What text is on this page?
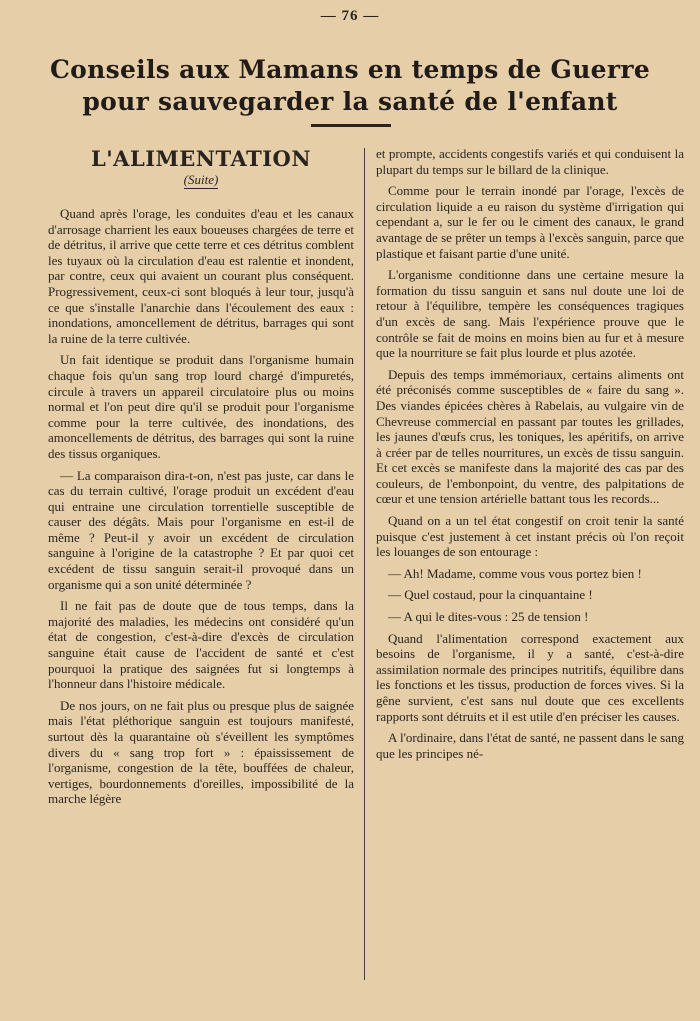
— 76 —
Conseils aux Mamans en temps de Guerre
pour sauvegarder la santé de l'enfant
L'ALIMENTATION
(Suite)

Quand après l'orage, les conduites d'eau et les canaux d'arrosage charrient les eaux boueuses chargées de terre et de détritus, il arrive que cette terre et ces détritus comblent les tuyaux où la circulation d'eau est ralentie et inondent, par contre, ceux qui avaient un courant plus conséquent. Progressivement, ceux-ci sont bloqués à leur tour, jusqu'à ce que s'installe l'anarchie dans l'écoulement des eaux : inondations, amoncellement de détritus, barrages qui sont la ruine de la terre cultivée.

Un fait identique se produit dans l'organisme humain chaque fois qu'un sang trop lourd chargé d'impuretés, circule à travers un appareil circulatoire plus ou moins normal et l'on peut dire qu'il se produit pour l'organisme comme pour la terre cultivée, des inondations, des amoncellements de détritus, des barrages qui sont la ruine des tissus organiques.

— La comparaison dira-t-on, n'est pas juste, car dans le cas du terrain cultivé, l'orage produit un excédent d'eau qui entraine une circulation torrentielle susceptible de causer des dégâts. Mais pour l'organisme en est-il de même ? Peut-il y avoir un excédent de circulation sanguine à l'origine de la catastrophe ? Et par quoi cet excédent de tissu sanguin serait-il provoqué dans un organisme qui a son unité déterminée ?

Il ne fait pas de doute que de tous temps, dans la majorité des maladies, les médecins ont considéré qu'un état de congestion, c'est-à-dire d'excès de circulation sanguine était cause de l'accident de santé et c'est pourquoi la pratique des saignées fut si longtemps à l'honneur dans l'histoire médicale.

De nos jours, on ne fait plus ou presque plus de saignée mais l'état pléthorique sanguin est toujours manifesté, surtout dès la quarantaine où s'éveillent les symptômes divers du « sang trop fort » : épaississement de l'organisme, congestion de la tête, bouffées de chaleur, vertiges, bourdonnements d'oreilles, impossibilité de la marche légère

et prompte, accidents congestifs variés et qui conduisent la plupart du temps sur le billard de la clinique.

Comme pour le terrain inondé par l'orage, l'excès de circulation liquide a eu raison du système d'irrigation qui cependant a, sur le fer ou le ciment des canaux, le grand avantage de se prêter un temps à l'excès sanguin, parce que plastique et faisant partie d'une unité.

L'organisme conditionne dans une certaine mesure la formation du tissu sanguin et sans nul doute une loi de retour à l'équilibre, tempère les conséquences tragiques d'un excès de sang. Mais l'expérience prouve que le contrôle se fait de moins en moins bien au fur et à mesure que la nourriture se fait plus lourde et plus azotée.

Depuis des temps immémoriaux, certains aliments ont été préconisés comme susceptibles de « faire du sang ». Des viandes épicées chères à Rabelais, au vulgaire vin de Chevreuse commercial en passant par toutes les grillades, les jaunes d'œufs crus, les toniques, les apéritifs, on arrive à créer par de telles nourritures, un excès de tissu sanguin. Et cet excès se manifeste dans la majorité des cas par des couleurs, de l'embonpoint, du ventre, des palpitations de cœur et une tension artérielle battant tous les records...

Quand on a un tel état congestif on croit tenir la santé puisque c'est justement à cet instant précis où l'on reçoit les louanges de son entourage :

— Ah! Madame, comme vous vous portez bien !

— Quel costaud, pour la cinquantaine !

— A qui le dites-vous : 25 de tension !

Quand l'alimentation correspond exactement aux besoins de l'organisme, il y a santé, c'est-à-dire assimilation normale des principes nutritifs, équilibre dans les fonctions et les tissus, production de forces vives. Si la gêne survient, c'est sans nul doute que ces excellents rapports sont détruits et il est utile d'en préciser les causes.

A l'ordinaire, dans l'état de santé, ne passent dans le sang que les principes né-
